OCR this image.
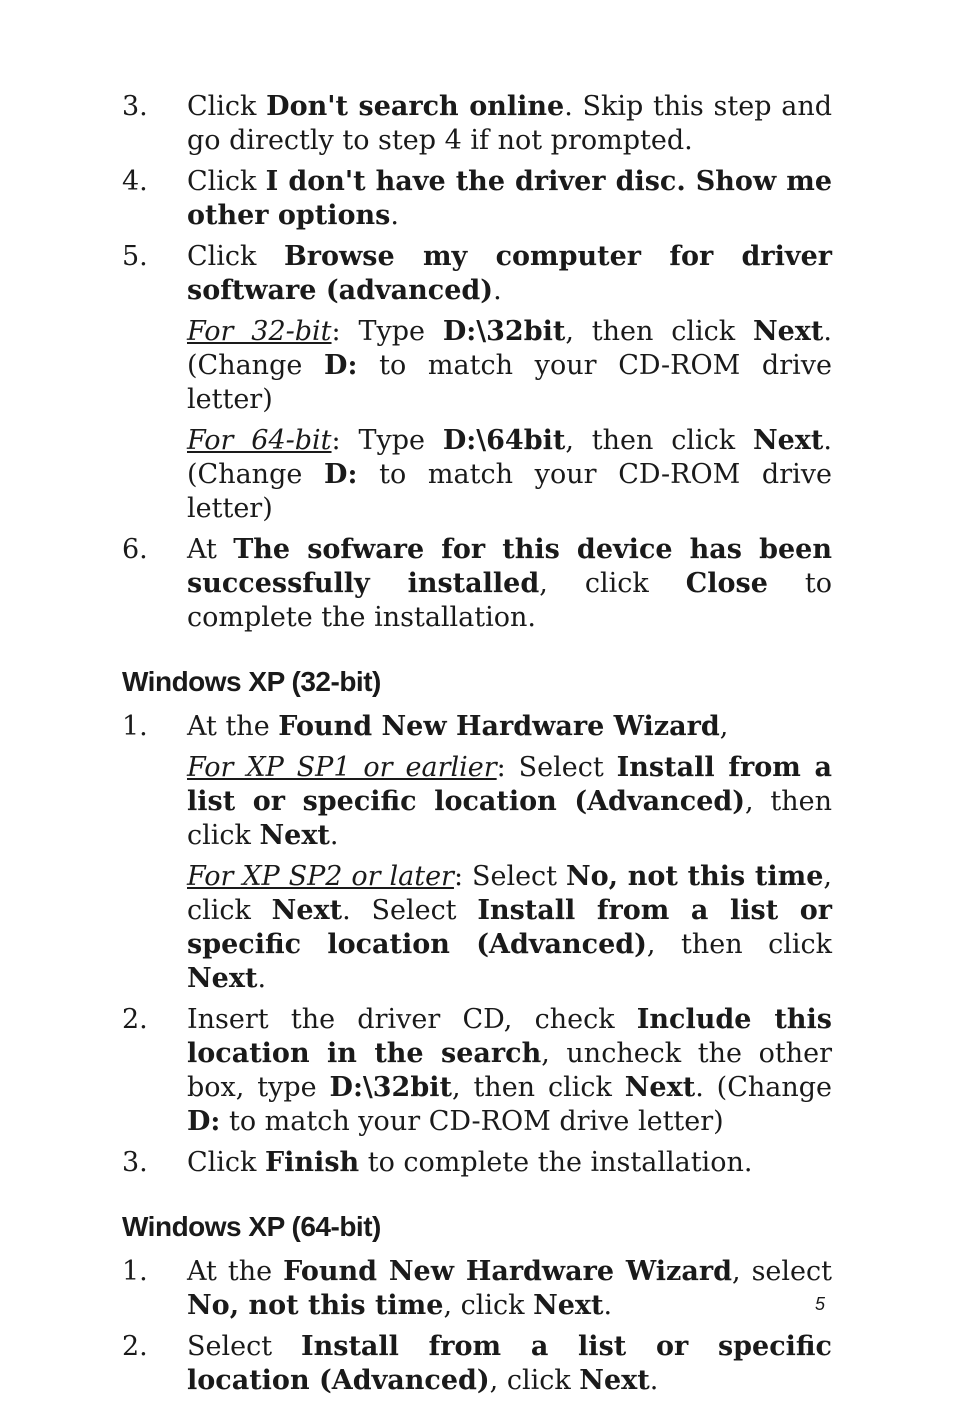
3.	Click Don't search online. Skip this step and go directly to step 4 if not prompted.
4.	Click I don't have the driver disc. Show me other options.
5.	Click Browse my computer for driver software (advanced).
For 32-bit: Type D:\32bit, then click Next. (Change D: to match your CD-ROM drive letter)
For 64-bit: Type D:\64bit, then click Next. (Change D: to match your CD-ROM drive letter)
6.	At The sofware for this device has been successfully installed, click Close to complete the installation.
Windows XP (32-bit)
1.	At the Found New Hardware Wizard,
For XP SP1 or earlier: Select Install from a list or specific location (Advanced), then click Next.
For XP SP2 or later: Select No, not this time, click Next. Select Install from a list or specific location (Advanced), then click Next.
2.	Insert the driver CD, check Include this location in the search, uncheck the other box, type D:\32bit, then click Next. (Change D: to match your CD-ROM drive letter)
3.	Click Finish to complete the installation.
Windows XP (64-bit)
1.	At the Found New Hardware Wizard, select No, not this time, click Next.
2.	Select Install from a list or specific location (Advanced), click Next.
5
